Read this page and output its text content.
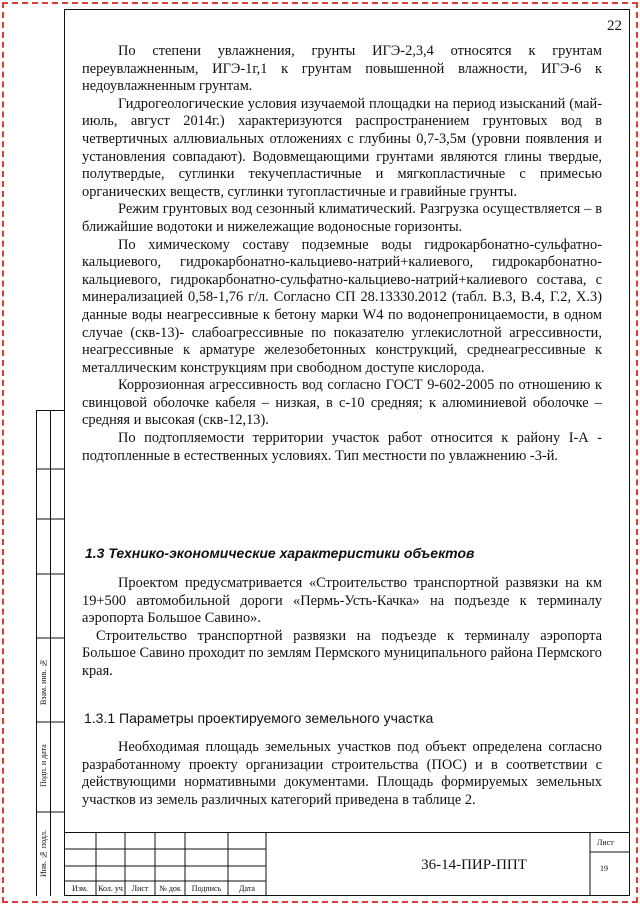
22

По степени увлажнения, грунты ИГЭ-2,3,4 относятся к грунтам переувлажненным, ИГЭ-1г,1 к грунтам повышенной влажности, ИГЭ-6 к недоувлажненным грунтам.

Гидрогеологические условия изучаемой площадки на период изысканий (май-июль, август 2014г.) характеризуются распространением грунтовых вод в четвертичных аллювиальных отложениях с глубины 0,7-3,5м (уровни появления и установления совпадают). Водовмещающими грунтами являются глины твердые, полутвердые, суглинки текучепластичные и мягкопластичные с примесью органических веществ, суглинки тугопластичные и гравийные грунты.

Режим грунтовых вод сезонный климатический. Разгрузка осуществляется – в ближайшие водотоки и нижележащие водоносные горизонты.

По химическому составу подземные воды гидрокарбонатно-сульфатно-кальциевого, гидрокарбонатно-кальциево-натрий+калиевого, гидрокарбонатно-кальциевого, гидрокарбонатно-сульфатно-кальциево-натрий+калиевого состава, с минерализацией 0,58-1,76 г/л. Согласно СП 28.13330.2012 (табл. В.3, В.4, Г.2, Х.3) данные воды неагрессивные к бетону марки W4 по водонепроницаемости, в одном случае (скв-13)- слабоагрессивные по показателю углекислотной агрессивности, неагрессивные к арматуре железобетонных конструкций, среднеагрессивные к металлическим конструкциям при свободном доступе кислорода.

Коррозионная агрессивность вод согласно ГОСТ 9-602-2005 по отношению к свинцовой оболочке кабеля – низкая, в с-10 средняя; к алюминиевой оболочке – средняя и высокая (скв-12,13).

По подтопляемости территории участок работ относится к району I-А - подтопленные в естественных условиях. Тип местности по увлажнению -3-й.

1.3 Технико-экономические характеристики объектов

Проектом предусматривается «Строительство транспортной развязки на км 19+500 автомобильной дороги «Пермь-Усть-Качка» на подъезде к терминалу аэропорта Большое Савино».

Строительство транспортной развязки на подъезде к терминалу аэропорта Большое Савино проходит по землям Пермского муниципального района Пермского края.

1.3.1 Параметры проектируемого земельного участка

Необходимая площадь земельных участков под объект определена согласно разработанному проекту организации строительства (ПОС) и в соответствии с действующими нормативными документами. Площадь формируемых земельных участков из земель различных категорий приведена в таблице 2.

Взам. инв. №
Подп. и дата
Инв. № подл.
Изм.	Кол. уч	Лист	№ док	Подпись	Дата
36-14-ПИР-ППТ
Лист
19
